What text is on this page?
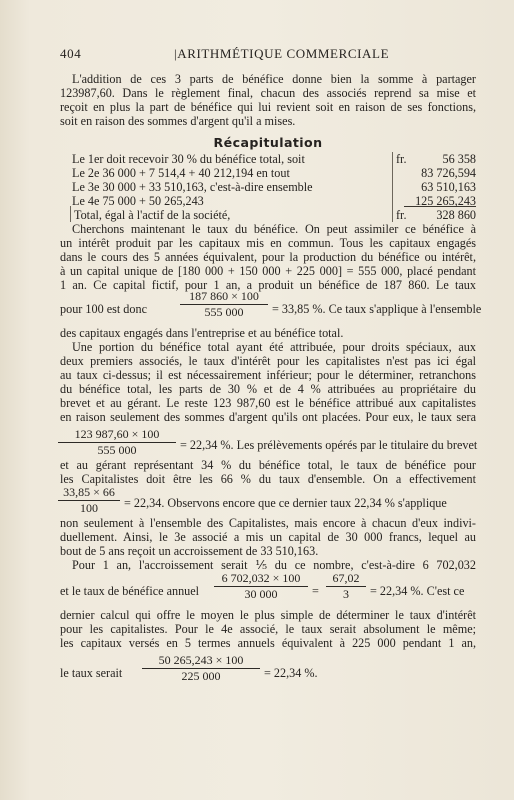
404	|ARITHMÉTIQUE COMMERCIALE
L'addition de ces 3 parts de bénéfice donne bien la somme à partager
123987,60. Dans le règlement final, chacun des associés reprend sa mise et
reçoit en plus la part de bénéfice qui lui revient soit en raison de ses fonctions,
soit en raison des sommes d'argent qu'il a mises.
Récapitulation
Le 1er doit recevoir 30 % du bénéfice total, soit	fr.	56 358
Le 2e 36 000 + 7 514,4 + 40 212,194 en tout	83 726,594
Le 3e 30 000 + 33 510,163, c'est-à-dire ensemble	63 510,163
Le 4e 75 000 + 50 265,243	125 265,243
Total, égal à l'actif de la société,	fr.	328 860
Cherchons maintenant le taux du bénéfice. On peut assimiler ce bénéfice à
un intérêt produit par les capitaux mis en commun. Tous les capitaux engagés
dans le cours des 5 années équivalent, pour la production du bénéfice ou intérêt,
à un capital unique de [180 000 + 150 000 + 225 000] = 555 000, placé pendant
1 an. Ce capital fictif, pour 1 an, a produit un bénéfice de 187 860. Le taux
pour 100 est donc	$\frac{187 860 \times 100}{555 000} = 33,85$ %. Ce taux s'applique à l'ensemble
des capitaux engagés dans l'entreprise et au bénéfice total.
Une portion du bénéfice total ayant été attribuée, pour droits spéciaux, aux
deux premiers associés, le taux d'intérêt pour les capitalistes n'est pas ici égal
au taux ci-dessus; il est nécessairement inférieur; pour le déterminer, retranchons
du bénéfice total, les parts de 30 % et de 4 % attribuées au propriétaire du
brevet et au gérant. Le reste 123 987,60 est le bénéfice attribué aux capitalistes
en raison seulement des sommes d'argent qu'ils ont placées. Pour eux, le taux sera
$\frac{123 987,60 \times 100}{555 000} = 22,34$ %. Les prélèvements opérés par le titulaire du brevet
et au gérant représentant 34 % du bénéfice total, le taux de bénéfice pour
les Capitalistes doit être les 66 % du taux d'ensemble. On a effectivement
$\frac{33,85 \times 66}{100} = 22,34$. Observons encore que ce dernier taux 22,34 % s'applique
non seulement à l'ensemble des Capitalistes, mais encore à chacun d'eux indivi-
duellement. Ainsi, le 3e associé a mis un capital de 30 000 francs, lequel au
bout de 5 ans reçoit un accroissement de 33 510,163.
Pour 1 an, l'accroissement serait ⅕ du ce nombre, c'est-à-dire 6 702,032
et le taux de bénéfice annuel $\frac{6 702,032 \times 100}{30 000} = \frac{67,02}{3} = 22,34$ %. C'est ce
dernier calcul qui offre le moyen le plus simple de déterminer le taux d'intérêt
pour les capitalistes. Pour le 4e associé, le taux serait absolument le même;
les capitaux versés en 5 termes annuels équivalent à 225 000 pendant 1 an,
le taux serait $\frac{50 265,243 \times 100}{225 000} = 22,34$ %.
